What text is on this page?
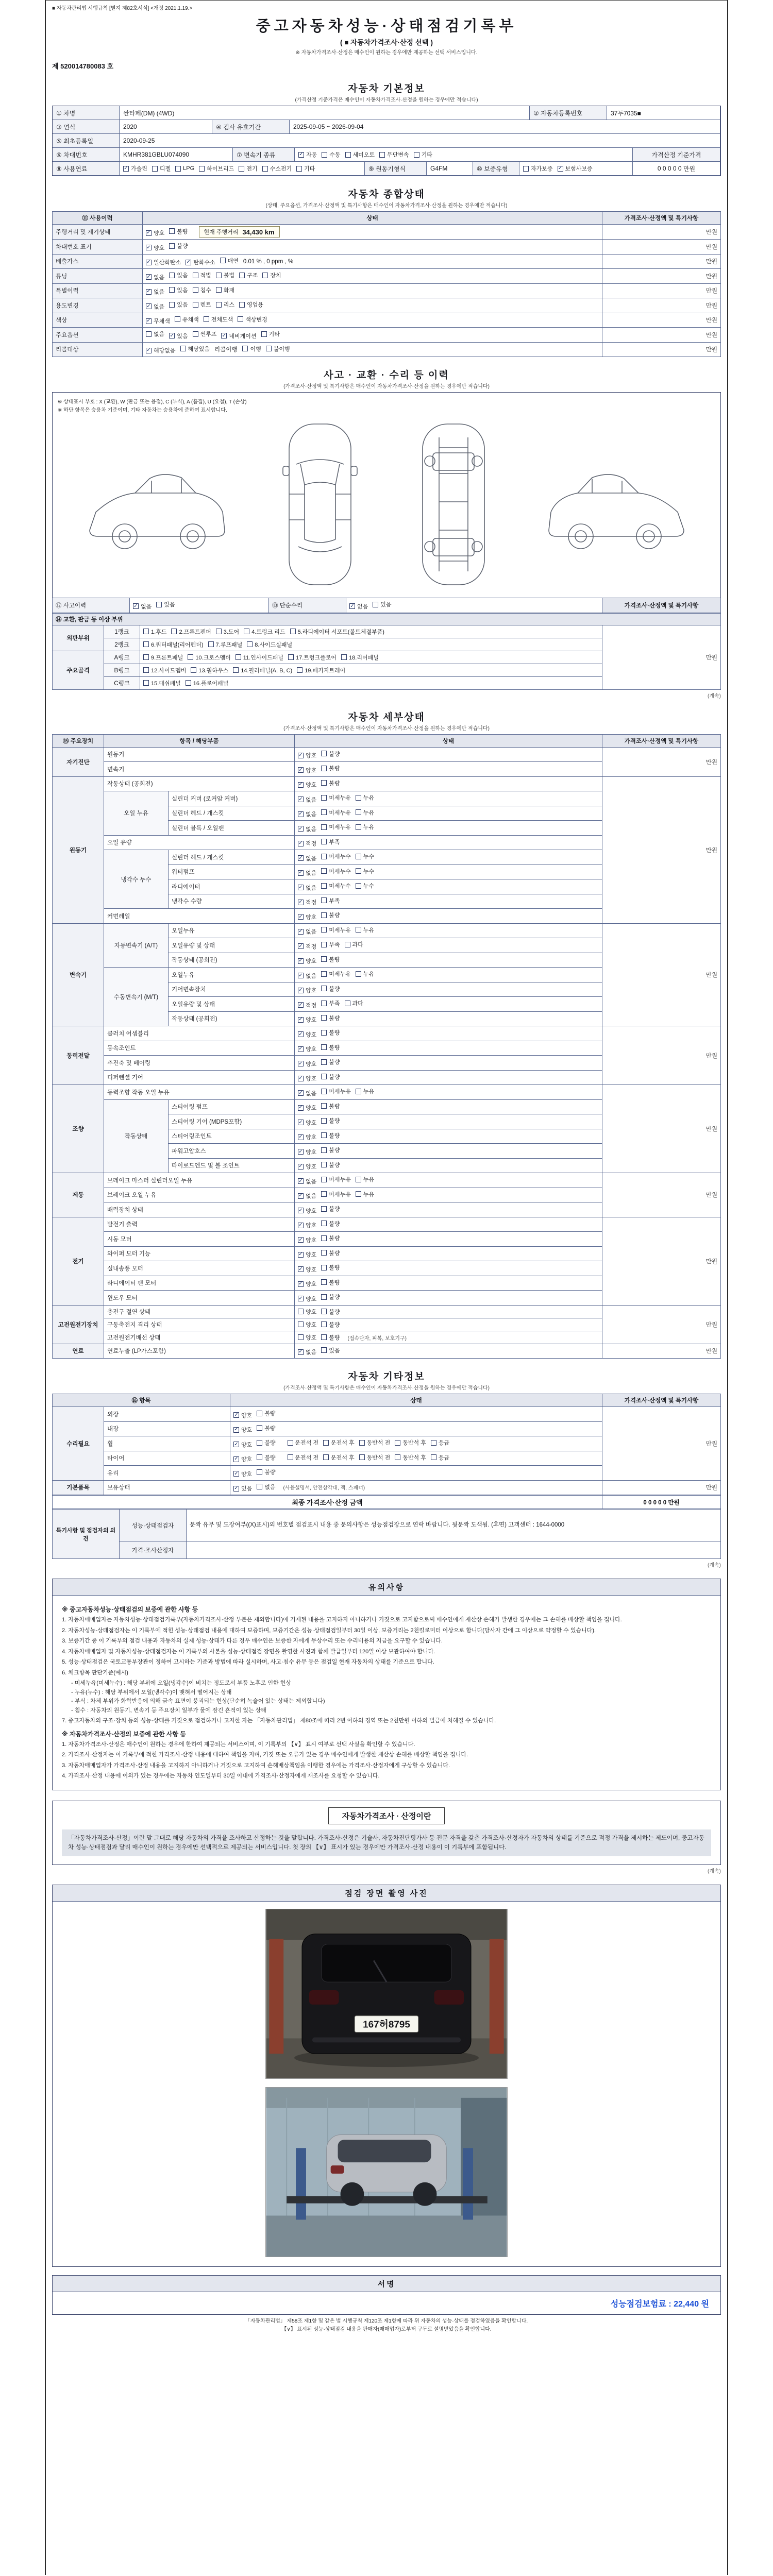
■ 자동차관리법 시행규칙 [별지 제82호서식] <개정 2021.1.19.>
중고자동차성능·상태점검기록부
( ■ 자동차가격조사·산정 선택 )
※ 자동차가격조사·산정은 매수인이 원하는 경우에만 제공하는 선택 서비스입니다.
제 520014780083 호
자동차 기본정보
(가격산정 기준가격은 매수인이 자동차가격조사·산정을 원하는 경우에만 적습니다)
① 차명	싼타페(DM) (4WD)	② 자동차등록번호	37두7035■
③ 연식	2020	④ 검사 유효기간	2025-09-05 ~ 2026-09-04
⑤ 최초등록일	2020-09-25
⑥ 차대번호	KMHR381GBLU074090	⑦ 변속기 종류	✓ 자동 수동 세미오토 무단변속 기타
⑧ 사용연료	✓ 가솔린 디젤 LPG 하이브리드 전기 수소전기 기타	⑨ 원동기형식	G4FM	⑩ 보증유형	자가보증 ✓ 보험사보증
가격산정 기준가격
0 0 0 0 0
만원
자동차 종합상태
(상태, 주요옵션, 가격조사·산정액 및 특기사항은 매수인이 자동차가격조사·산정을 원하는 경우에만 적습니다)
⑪ 사용이력	상태	가격조사·산정액 및 특기사항
주행거리 및 계기상태	✓ 양호 불량 현재 주행거리 34,430 km	만원
차대번호 표기	✓ 양호 불량	만원
배출가스	✓ 일산화탄소 ✓ 탄화수소 매연 0.01 % , 0 ppm , %	만원
튜닝	✓ 없음 있음 적법 불법 구조 장치	만원
특별이력	✓ 없음 있음 침수 화재	만원
용도변경	✓ 없음 있음 렌트 리스 영업용	만원
색상	✓ 무채색 유채색 전체도색 색상변경	만원
주요옵션	없음 ✓ 있음 썬루프 ✓ 네비게이션 기타	만원
리콜대상	✓ 해당없음 해당있음 리콜이행 이행 불이행	만원
사고 · 교환 · 수리 등 이력
(가격조사·산정액 및 특기사항은 매수인이 자동차가격조사·산정을 원하는 경우에만 적습니다)
※ 상태표시 부호 : X (교환), W (판금 또는 용접), C (부식), A (흠집), U (요철), T (손상)
※ 하단 항목은 승용차 기준이며, 기타 자동차는 승용차에 준하여 표시합니다.
⑫ 사고이력	✓ 없음 있음	⑬ 단순수리	✓ 없음 있음	가격조사·산정액 및 특기사항
⑭ 교환, 판금 등 이상 부위			
외판부위	1랭크	1.후드 2.프론트펜더 3.도어 4.트렁크 리드 5.라디에이터 서포트(볼트체결부품)	만원
	2랭크	6.쿼터패널(리어펜더) 7.루프패널 8.사이드실패널	

주요골격	A랭크	9.프론트패널 10.크로스멤버 11.인사이드패널 17.트렁크플로어 18.리어패널	

	B랭크	12.사이드멤버 13.휠하우스 14.필러패널(A, B, C) 19.패키지트레이	

	C랭크	15.대쉬패널 16.플로어패널	
(계속)
자동차 세부상태
(가격조사·산정액 및 특기사항은 매수인이 자동차가격조사·산정을 원하는 경우에만 적습니다)
⑮ 주요장치	항목 / 해당부품		상태	가격조사·산정액 및 특기사항
자기진단	원동기		✓ 양호 불량	만원
	변속기		✓ 양호 불량	

원동기	작동상태 (공회전)		✓ 양호 불량	만원
	오일 누유	실린더 커버 (로커암 커버)	✓ 없음 미세누유 누유	

		실린더 헤드 / 개스킷	✓ 없음 미세누유 누유	

		실린더 블록 / 오일팬	✓ 없음 미세누유 누유	

	오일 유량		✓ 적정 부족	

	냉각수 누수	실린더 헤드 / 개스킷	✓ 없음 미세누수 누수	

		워터펌프	✓ 없음 미세누수 누수	

		라디에이터	✓ 없음 미세누수 누수	

		냉각수 수량	✓ 적정 부족	

	커먼레일		✓ 양호 불량	

변속기	자동변속기 (A/T)	오일누유	✓ 없음 미세누유 누유	만원
		오일유량 및 상태	✓ 적정 부족 과다	

		작동상태 (공회전)	✓ 양호 불량	

	수동변속기 (M/T)	오일누유	✓ 없음 미세누유 누유	

		기어변속장치	✓ 양호 불량	

		오일유량 및 상태	✓ 적정 부족 과다	

		작동상태 (공회전)	✓ 양호 불량	

동력전달	클러치 어셈블리		✓ 양호 불량	만원
	등속조인트		✓ 양호 불량	

	추진축 및 베어링		✓ 양호 불량	

	디퍼렌셜 기어		✓ 양호 불량	

조향	동력조향 작동 오일 누유		✓ 없음 미세누유 누유	만원
	작동상태	스티어링 펌프	✓ 양호 불량	

		스티어링 기어 (MDPS포함)	✓ 양호 불량	

		스티어링조인트	✓ 양호 불량	

		파워고압호스	✓ 양호 불량	

		타이로드엔드 및 볼 조인트	✓ 양호 불량	

제동	브레이크 마스터 실린더오일 누유		✓ 없음 미세누유 누유	만원
	브레이크 오일 누유		✓ 없음 미세누유 누유	

	배력장치 상태		✓ 양호 불량	

전기	발전기 출력		✓ 양호 불량	만원
	시동 모터		✓ 양호 불량	

	와이퍼 모터 기능		✓ 양호 불량	

	실내송풍 모터		✓ 양호 불량	

	라디에이터 팬 모터		✓ 양호 불량	

	윈도우 모터		✓ 양호 불량	

고전원전기장치	충전구 절연 상태		양호 불량	만원
	구동축전지 격리 상태		양호 불량	

	고전원전기배선 상태		양호 불량 (접속단자, 피복, 보호기구)	
연료	연료누출 (LP가스포함)		✓ 없음 있음	만원
자동차 기타정보
(가격조사·산정액 및 특기사항은 매수인이 자동차가격조사·산정을 원하는 경우에만 적습니다)
⑯ 항목		상태	가격조사·산정액 및 특기사항
수리필요	외장	✓ 양호 불량	만원
	내장	✓ 양호 불량	

휠	✓ 양호 불량	운전석 전 운전석 후 동반석 전 동반석 후 응급

타이어	✓ 양호 불량	운전석 전 운전석 후 동반석 전 동반석 후 응급

	유리	✓ 양호 불량	

기본품목	보유상태	✓ 있음 없음 (사용설명서, 안전삼각대, 잭, 스패너)	만원
최종 가격조사·산정 금액	0 0 0 0 0 만원
특기사항 및 점검자의 의견	성능·상태점검자	문짝 유무 및 도장여부((X)표시)외 번호별 점검표시 내용 중 문의사항은 성능점검장으로 연락 바랍니다. 뒷문짝 도색됨. (후면) 고객센터 : 1644-0000
	가격·조사산정자	
(계속)
유의사항
※ 중고자동차성능·상태점검의 보증에 관한 사항 등
1. 자동차매매업자는 자동차성능·상태점검기록부(자동차가격조사·산정 부분은 제외합니다)에 기재된 내용을 고지하지 아니하거나 거짓으로 고지함으로써 매수인에게 재산상 손해가 발생한 경우에는 그 손해를 배상할 책임을 집니다.
2. 자동차성능·상태점검자는 이 기록부에 적힌 성능·상태점검 내용에 대하여 보증하며, 보증기간은 성능·상태점검일부터 30일 이상, 보증거리는 2천킬로미터 이상으로 합니다(당사자 간에 그 이상으로 약정할 수 있습니다).
3. 보증기간 중 이 기록부의 점검 내용과 자동차의 실제 성능·상태가 다른 경우 매수인은 보증한 자에게 무상수리 또는 수리비용의 지급을 요구할 수 있습니다.
4. 자동차매매업자 및 자동차성능·상태점검자는 이 기록부의 사본을 성능·상태점검 장면을 촬영한 사진과 함께 발급일부터 120일 이상 보관하여야 합니다.
5. 성능·상태점검은 국토교통부장관이 정하여 고시하는 기준과 방법에 따라 실시하며, 사고·침수 유무 등은 점검일 현재 자동차의 상태를 기준으로 합니다.
6. 체크항목 판단기준(예시)
- 미세누유(미세누수) : 해당 부위에 오일(냉각수)이 비치는 정도로서 부품 노후로 인한 현상
- 누유(누수) : 해당 부위에서 오일(냉각수)이 맺혀서 떨어지는 상태
- 부식 : 차체 부위가 화학반응에 의해 금속 표면이 붕괴되는 현상(단순히 녹슬어 있는 상태는 제외합니다)
- 침수 : 자동차의 원동기, 변속기 등 주요장치 일부가 물에 잠긴 흔적이 있는 상태
7. 중고자동차의 구조·장치 등의 성능·상태를 거짓으로 점검하거나 고지한 자는 「자동차관리법」 제80조에 따라 2년 이하의 징역 또는 2천만원 이하의 벌금에 처해질 수 있습니다.
※ 자동차가격조사·산정의 보증에 관한 사항 등
1. 자동차가격조사·산정은 매수인이 원하는 경우에 한하여 제공되는 서비스이며, 이 기록부의 【∨】 표시 여부로 선택 사실을 확인할 수 있습니다.
2. 가격조사·산정자는 이 기록부에 적힌 가격조사·산정 내용에 대하여 책임을 지며, 거짓 또는 오류가 있는 경우 매수인에게 발생한 재산상 손해를 배상할 책임을 집니다.
3. 자동차매매업자가 가격조사·산정 내용을 고지하지 아니하거나 거짓으로 고지하여 손해배상책임을 이행한 경우에는 가격조사·산정자에게 구상할 수 있습니다.
4. 가격조사·산정 내용에 이의가 있는 경우에는 자동차 인도일부터 30일 이내에 가격조사·산정자에게 재조사를 요청할 수 있습니다.
자동차가격조사 · 산정이란
「자동차가격조사·산정」이란 말 그대로 해당 자동차의 가격을 조사하고 산정하는 것을 말합니다. 가격조사·산정은 기술사, 자동차진단평가사 등 전문 자격을 갖춘 가격조사·산정자가 자동차의 상태를 기준으로 적정 가격을 제시하는 제도이며, 중고자동차 성능·상태점검과 달리 매수인이 원하는 경우에만 선택적으로 제공되는 서비스입니다. 첫 장의 【∨】 표시가 있는 경우에만 가격조사·산정 내용이 이 기록부에 포함됩니다.
(계속)
점검 장면 촬영 사진
167허8795
서명
성능점검보험료 : 22,440 원
「자동차관리법」 제58조 제1항 및 같은 법 시행규칙 제120조 제1항에 따라 위 자동차의 성능·상태를 점검하였음을 확인합니다.
【∨】 표시된 성능·상태점검 내용을 판매자(매매업자)로부터 구두로 설명받았음을 확인합니다.
